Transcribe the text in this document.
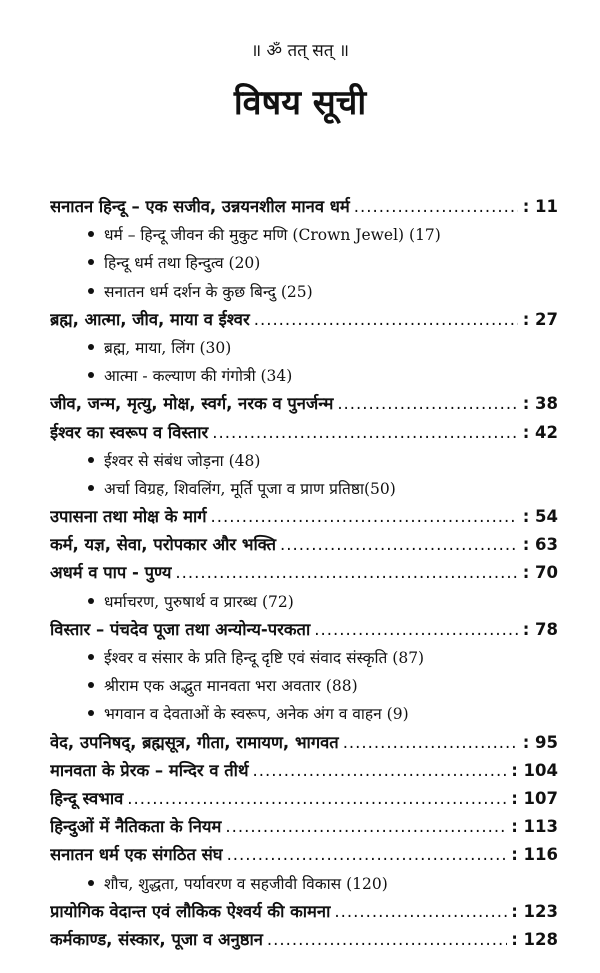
॥ ॐ तत् सत् ॥
विषय सूची
सनातन हिन्दू – एक सजीव, उन्नयनशील मानव धर्म .....	: 11
धर्म – हिन्दू जीवन की मुकुट मणि (Crown Jewel) (17)
हिन्दू धर्म तथा हिन्दुत्व (20)
सनातन धर्म दर्शन के कुछ बिन्दु (25)
ब्रह्म, आत्मा, जीव, माया व ईश्वर .....	: 27
ब्रह्म, माया, लिंग (30)
आत्मा - कल्याण की गंगोत्री (34)
जीव, जन्म, मृत्यु, मोक्ष, स्वर्ग, नरक व पुनर्जन्म .....	: 38
ईश्वर का स्वरूप व विस्तार .....	: 42
ईश्वर से संबंध जोड़ना (48)
अर्चा विग्रह, शिवलिंग, मूर्ति पूजा व प्राण प्रतिष्ठा(50)
उपासना तथा मोक्ष के मार्ग .....	: 54
कर्म, यज्ञ, सेवा, परोपकार और भक्ति .....	: 63
अधर्म व पाप - पुण्य .....	: 70
धर्माचरण, पुरुषार्थ व प्रारब्ध (72)
विस्तार – पंचदेव पूजा तथा अन्योन्य-परकता .....	: 78
ईश्वर व संसार के प्रति हिन्दू दृष्टि एवं संवाद संस्कृति (87)
श्रीराम एक अद्भुत मानवता भरा अवतार (88)
भगवान व देवताओं के स्वरूप, अनेक अंग व वाहन (9)
वेद, उपनिषद्, ब्रह्मसूत्र, गीता, रामायण, भागवत .....	: 95
मानवता के प्रेरक – मन्दिर व तीर्थ .....	: 104
हिन्दू स्वभाव .....	: 107
हिन्दुओं में नैतिकता के नियम .....	: 113
सनातन धर्म एक संगठित संघ .....	: 116
शौच, शुद्धता, पर्यावरण व सहजीवी विकास (120)
प्रायोगिक वेदान्त एवं लौकिक ऐश्वर्य की कामना .....	: 123
कर्मकाण्ड, संस्कार, पूजा व अनुष्ठान .....	: 128
